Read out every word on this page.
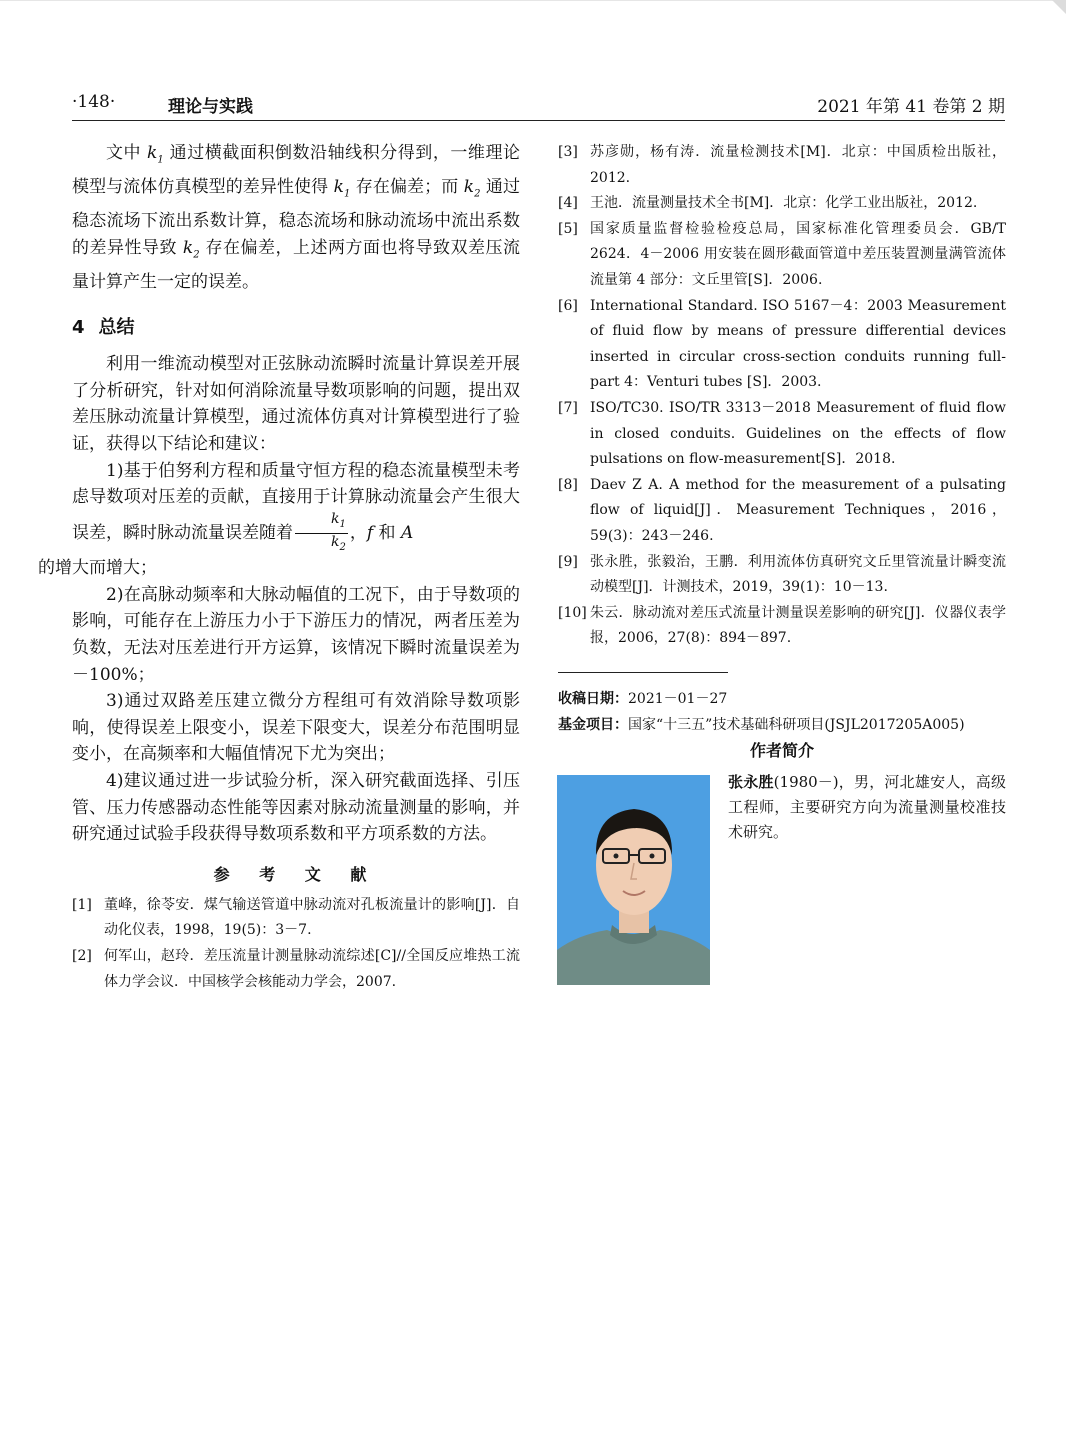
·148·	理论与实践	2021 年第 41 卷第 2 期

文中 $k_1$ 通过横截面积倒数沿轴线积分得到，一维理论模型与流体仿真模型的差异性使得 $k_1$ 存在偏差；而 $k_2$ 通过稳态流场下流出系数计算，稳态流场和脉动流场中流出系数的差异性导致 $k_2$ 存在偏差，上述两方面也将导致双差压流量计算产生一定的误差。

4 总结

利用一维流动模型对正弦脉动流瞬时流量计算误差开展了分析研究，针对如何消除流量导数项影响的问题，提出双差压脉动流量计算模型，通过流体仿真对计算模型进行了验证，获得以下结论和建议：

1)基于伯努利方程和质量守恒方程的稳态流量模型未考虑导数项对压差的贡献，直接用于计算脉动流量会产生很大误差，瞬时脉动流量误差随着 $\frac{k_1}{k_2}$ ，f 和 A
的增大而增大；

2)在高脉动频率和大脉动幅值的工况下，由于导数项的影响，可能存在上游压力小于下游压力的情况，两者压差为负数，无法对压差进行开方运算，该情况下瞬时流量误差为－100%；

3)通过双路差压建立微分方程组可有效消除导数项影响，使得误差上限变小，误差下限变大，误差分布范围明显变小，在高频率和大幅值情况下尤为突出；

4)建议通过进一步试验分析，深入研究截面选择、引压管、压力传感器动态性能等因素对脉动流量测量的影响，并研究通过试验手段获得导数项系数和平方项系数的方法。

参 考 文 献

[1] 董峰，徐苓安．煤气输送管道中脉动流对孔板流量计的影响[J]．自动化仪表，1998，19(5)：3－7.

[2] 何军山，赵玲．差压流量计测量脉动流综述[C]//全国反应堆热工流体力学会议．中国核学会核能动力学会，2007.

[3] 苏彦勋，杨有涛．流量检测技术[M]．北京：中国质检出版社，2012.

[4] 王池．流量测量技术全书[M]．北京：化学工业出版社，2012.

[5] 国家质量监督检验检疫总局，国家标准化管理委员会．GB/T 2624．4－2006 用安装在圆形截面管道中差压装置测量满管流体流量第 4 部分：文丘里管[S]．2006.

[6] International Standard. ISO 5167－4：2003 Measurement of fluid flow by means of pressure differential devices inserted in circular cross-section conduits running full-part 4：Venturi tubes [S]．2003.

[7] ISO/TC30. ISO/TR 3313－2018 Measurement of fluid flow in closed conduits. Guidelines on the effects of flow pulsations on flow-measurement[S]．2018.

[8] Daev Z A. A method for the measurement of a pulsating flow of liquid[J]．Measurement Techniques，2016，59(3)：243－246.

[9] 张永胜，张毅治，王鹏．利用流体仿真研究文丘里管流量计瞬变流动模型[J]．计测技术，2019，39(1)：10－13.

[10] 朱云．脉动流对差压式流量计测量误差影响的研究[J]．仪器仪表学报，2006，27(8)：894－897.

收稿日期：2021－01－27
基金项目：国家“十三五”技术基础科研项目(JSJL2017205A005)
作者简介
张永胜(1980－)，男，河北雄安人，高级工程师，主要研究方向为流量测量校准技术研究。
